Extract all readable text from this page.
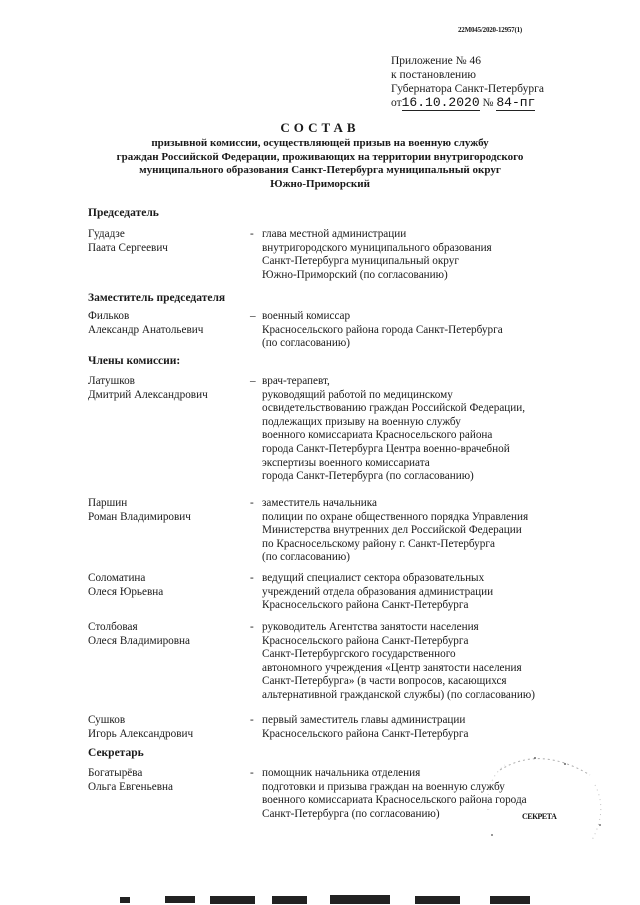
22M045/2020-12957(1)
Приложение № 46
к постановлению
Губернатора Санкт-Петербурга
от16.10.2020 № 84-пг
СОСТАВ
призывной комиссии, осуществляющей призыв на военную службу
граждан Российской Федерации, проживающих на территории внутригородского
муниципального образования Санкт-Петербурга муниципальный округ
Южно-Приморский
Председатель
Гудадзе
Паата Сергеевич
- глава местной администрации
внутригородского муниципального образования
Санкт-Петербурга муниципальный округ
Южно-Приморский (по согласованию)
Заместитель председателя
Фильков
Александр Анатольевич
– военный комиссар
Красносельского района города Санкт-Петербурга
(по согласованию)
Члены комиссии:
Латушков
Дмитрий Александрович
– врач-терапевт,
руководящий работой по медицинскому
освидетельствованию граждан Российской Федерации,
подлежащих призыву на военную службу
военного комиссариата Красносельского района
города Санкт-Петербурга Центра военно-врачебной
экспертизы военного комиссариата
города Санкт-Петербурга (по согласованию)
Паршин
Роман Владимирович
- заместитель начальника
полиции по охране общественного порядка Управления
Министерства внутренних дел Российской Федерации
по Красносельскому району г. Санкт-Петербурга
(по согласованию)
Соломатина
Олеся Юрьевна
- ведущий специалист сектора образовательных
учреждений отдела образования администрации
Красносельского района Санкт-Петербурга
Столбовая
Олеся Владимировна
- руководитель Агентства занятости населения
Красносельского района Санкт-Петербурга
Санкт-Петербургского государственного
автономного учреждения «Центр занятости населения
Санкт-Петербурга» (в части вопросов, касающихся
альтернативной гражданской службы) (по согласованию)
Сушков
Игорь Александрович
- первый заместитель главы администрации
Красносельского района Санкт-Петербурга
Секретарь
Богатырёва
Ольга Евгеньевна
- помощник начальника отделения
подготовки и призыва граждан на военную службу
военного комиссариата Красносельского района города
Санкт-Петербурга (по согласованию)	СЕКРЕТА
